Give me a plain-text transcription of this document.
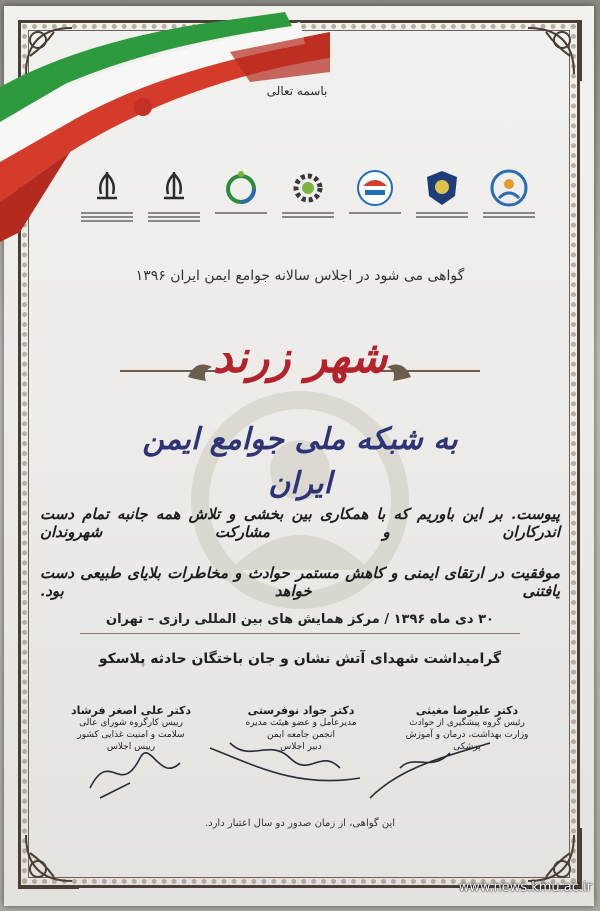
باسمه تعالی
گواهی می شود در اجلاس سالانه جوامع ایمن ایران ۱۳۹۶
شهر زرند
به شبکه ملی جوامع ایمن ایران
پیوست. بر این باوریم که با همکاری بین بخشی و تلاش همه جانبه تمام دست اندرکاران و مشارکت شهروندان
موفقیت در ارتقای ایمنی و کاهش مستمر حوادث و مخاطرات بلایای طبیعی دست یافتنی خواهد بود.
۳۰ دی ماه ۱۳۹۶ / مرکز همایش های بین المللی رازی – تهران
گرامیداشت شهدای آتش نشان و جان باختگان حادثه پلاسکو
دکتر علیرضا مغیثی
رئیس گروه پیشگیری از حوادث
وزارت بهداشت، درمان و آموزش پزشکی
دکتر جواد نوفرستی
مدیرعامل و عضو هیئت مدیره
انجمن جامعه ایمن
دبیر اجلاس
دکتر علی اصغر فرشاد
رییس کارگروه شورای عالی
سلامت و امنیت غذایی کشور
رییس اجلاس
این گواهی، از زمان صدور دو سال اعتبار دارد.
www.news.kmu.ac.ir
